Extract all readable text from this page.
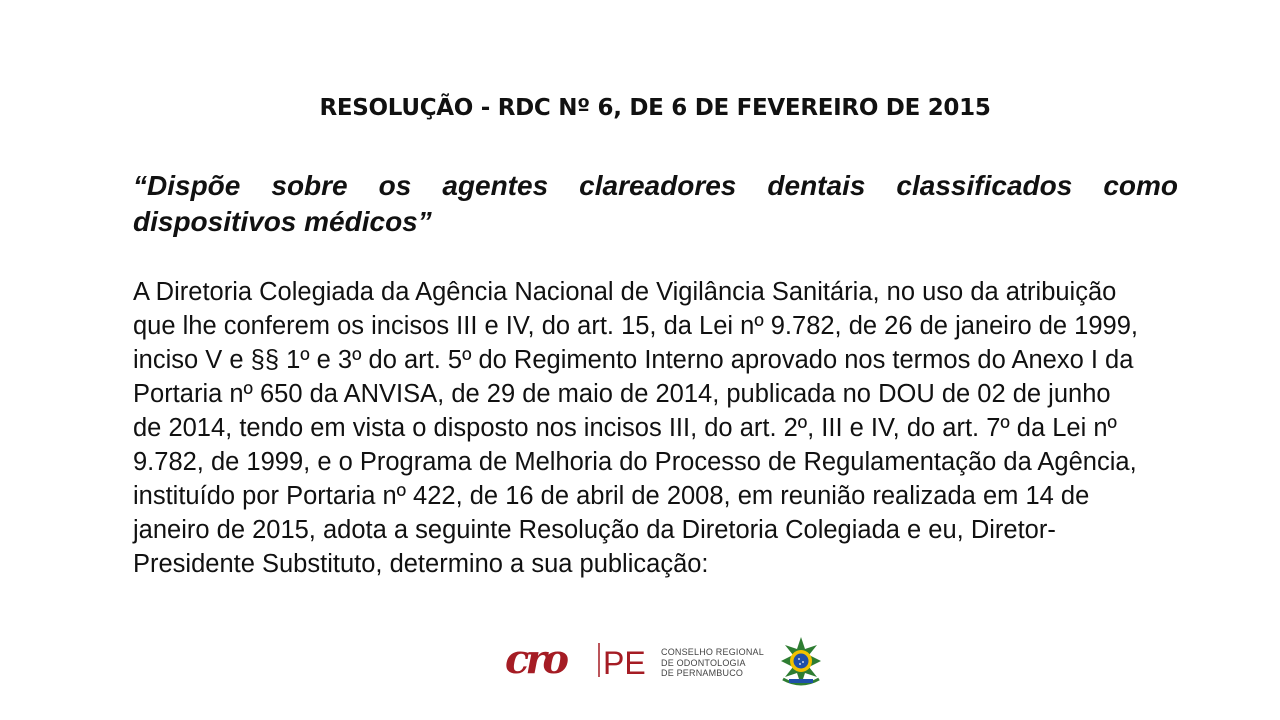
RESOLUÇÃO - RDC Nº 6, DE 6 DE FEVEREIRO DE 2015
“Dispõe sobre os agentes clareadores dentais classificados como dispositivos médicos”
A Diretoria Colegiada da Agência Nacional de Vigilância Sanitária, no uso da atribuição que lhe conferem os incisos III e IV, do art. 15, da Lei nº 9.782, de 26 de janeiro de 1999, inciso V e §§ 1º e 3º do art. 5º do Regimento Interno aprovado nos termos do Anexo I da Portaria nº 650 da ANVISA, de 29 de maio de 2014, publicada no DOU de 02 de junho de 2014, tendo em vista o disposto nos incisos III, do art. 2º, III e IV, do art. 7º da Lei nº 9.782, de 1999, e o Programa de Melhoria do Processo de Regulamentação da Agência, instituído por Portaria nº 422, de 16 de abril de 2008, em reunião realizada em 14 de janeiro de 2015, adota a seguinte Resolução da Diretoria Colegiada e eu, Diretor-Presidente Substituto, determino a sua publicação:
cro PE CONSELHO REGIONAL
DE ODONTOLOGIA
DE PERNAMBUCO
